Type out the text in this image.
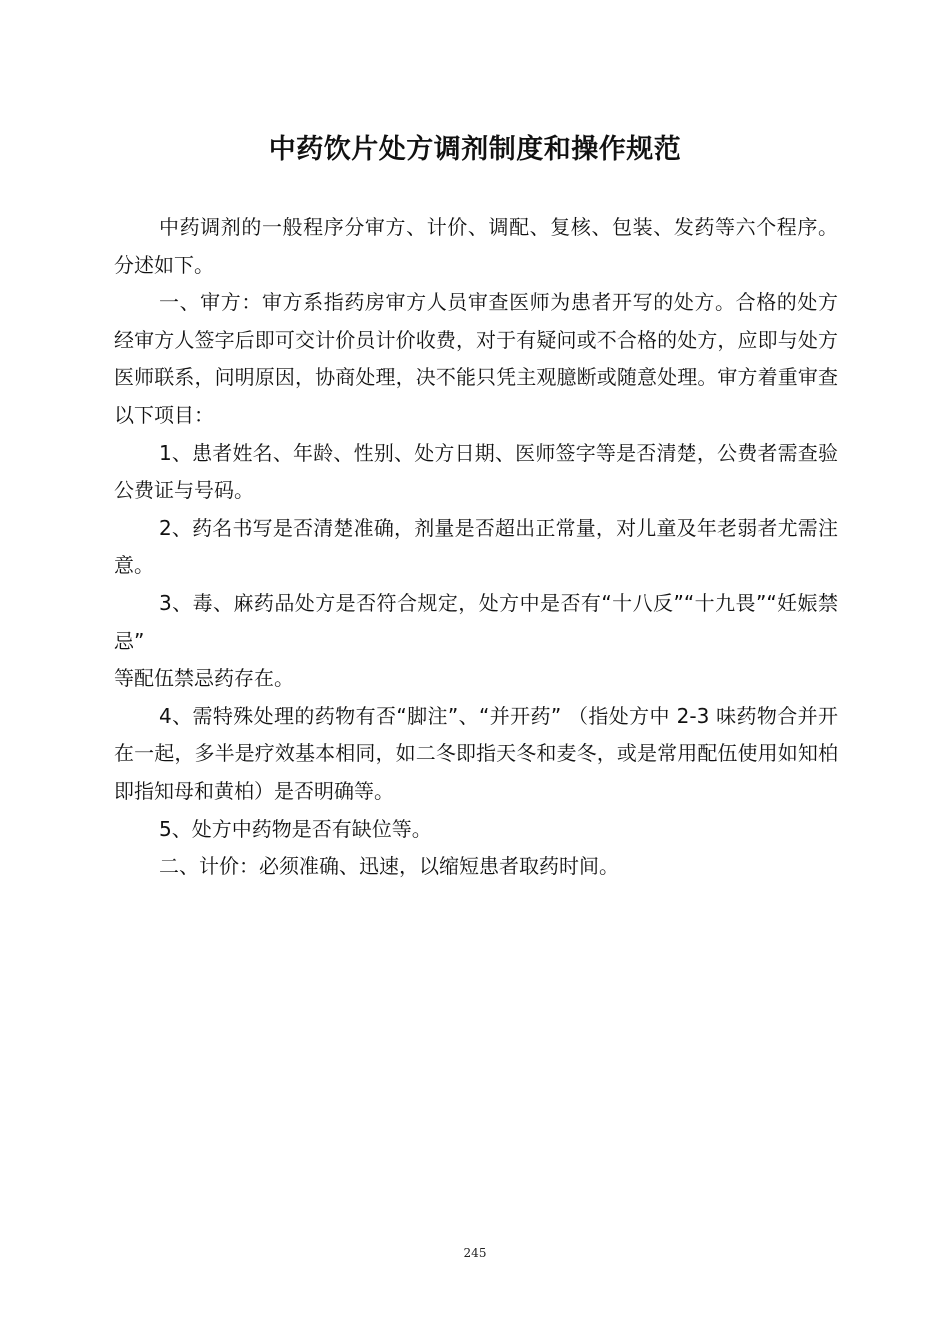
中药饮片处方调剂制度和操作规范

中药调剂的一般程序分审方、计价、调配、复核、包装、发药等六个程序。分述如下。

一、审方：审方系指药房审方人员审查医师为患者开写的处方。合格的处方经审方人签字后即可交计价员计价收费，对于有疑问或不合格的处方，应即与处方医师联系，问明原因，协商处理，决不能只凭主观臆断或随意处理。审方着重审查以下项目：

1、患者姓名、年龄、性别、处方日期、医师签字等是否清楚，公费者需查验公费证与号码。

2、药名书写是否清楚准确，剂量是否超出正常量，对儿童及年老弱者尤需注意。

3、毒、麻药品处方是否符合规定，处方中是否有“十八反”“十九畏”“妊娠禁忌”

等配伍禁忌药存在。

4、需特殊处理的药物有否“脚注”、“并开药” （指处方中 2-3 味药物合并开在一起，多半是疗效基本相同，如二冬即指天冬和麦冬，或是常用配伍使用如知柏即指知母和黄柏）是否明确等。

5、处方中药物是否有缺位等。

二、计价：必须准确、迅速，以缩短患者取药时间。

245
